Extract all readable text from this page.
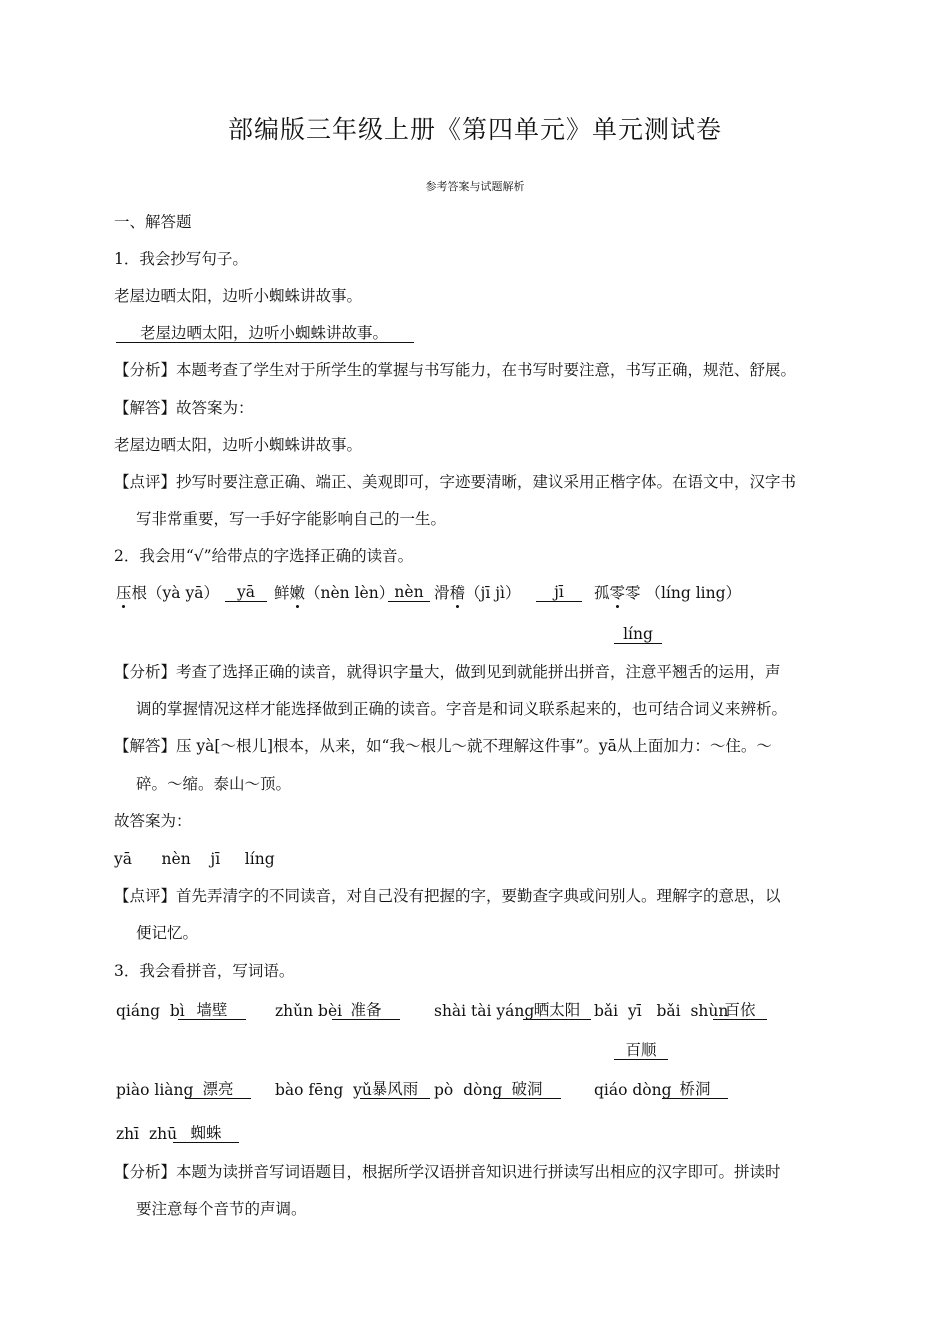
部编版三年级上册《第四单元》单元测试卷
参考答案与试题解析
一、解答题
1．我会抄写句子。
老屋边晒太阳，边听小蜘蛛讲故事。
老屋边晒太阳，边听小蜘蛛讲故事。
【分析】本题考查了学生对于所学生的掌握与书写能力，在书写时要注意，书写正确，规范、舒展。
【解答】故答案为：
老屋边晒太阳，边听小蜘蛛讲故事。
【点评】抄写时要注意正确、端正、美观即可，字迹要清晰，建议采用正楷字体。在语文中，汉字书
写非常重要，写一手好字能影响自己的一生。
2．我会用“√”给带点的字选择正确的读音。
压根（yà yā）	yā	鲜嫩（nèn lèn） nèn 滑稽（jī jì）	jī	孤零零 （líng ling）
líng
【分析】考查了选择正确的读音，就得识字量大，做到见到就能拼出拼音，注意平翘舌的运用，声
调的掌握情况这样才能选择做到正确的读音。字音是和词义联系起来的，也可结合词义来辨析。
【解答】压 yà[～根儿]根本，从来，如“我～根儿～就不理解这件事”。yā从上面加力：～住。～
碎。～缩。泰山～顶。
故答案为：
yā      nèn    jī     líng
【点评】首先弄清字的不同读音，对自己没有把握的字，要勤查字典或问别人。理解字的意思，以
便记忆。
3．我会看拼音，写词语。
qiáng  bì 墙壁	zhǔn bèi 准备	shài tài yáng 晒太阳 bǎi  yī   bǎi  shùn
百依
百顺
piào liàng 漂亮	bào fēng  yǔ 暴风雨	pò  dòng 破洞	qiáo dòng 桥洞
zhī  zhū 蜘蛛
【分析】本题为读拼音写词语题目，根据所学汉语拼音知识进行拼读写出相应的汉字即可。拼读时
要注意每个音节的声调。
